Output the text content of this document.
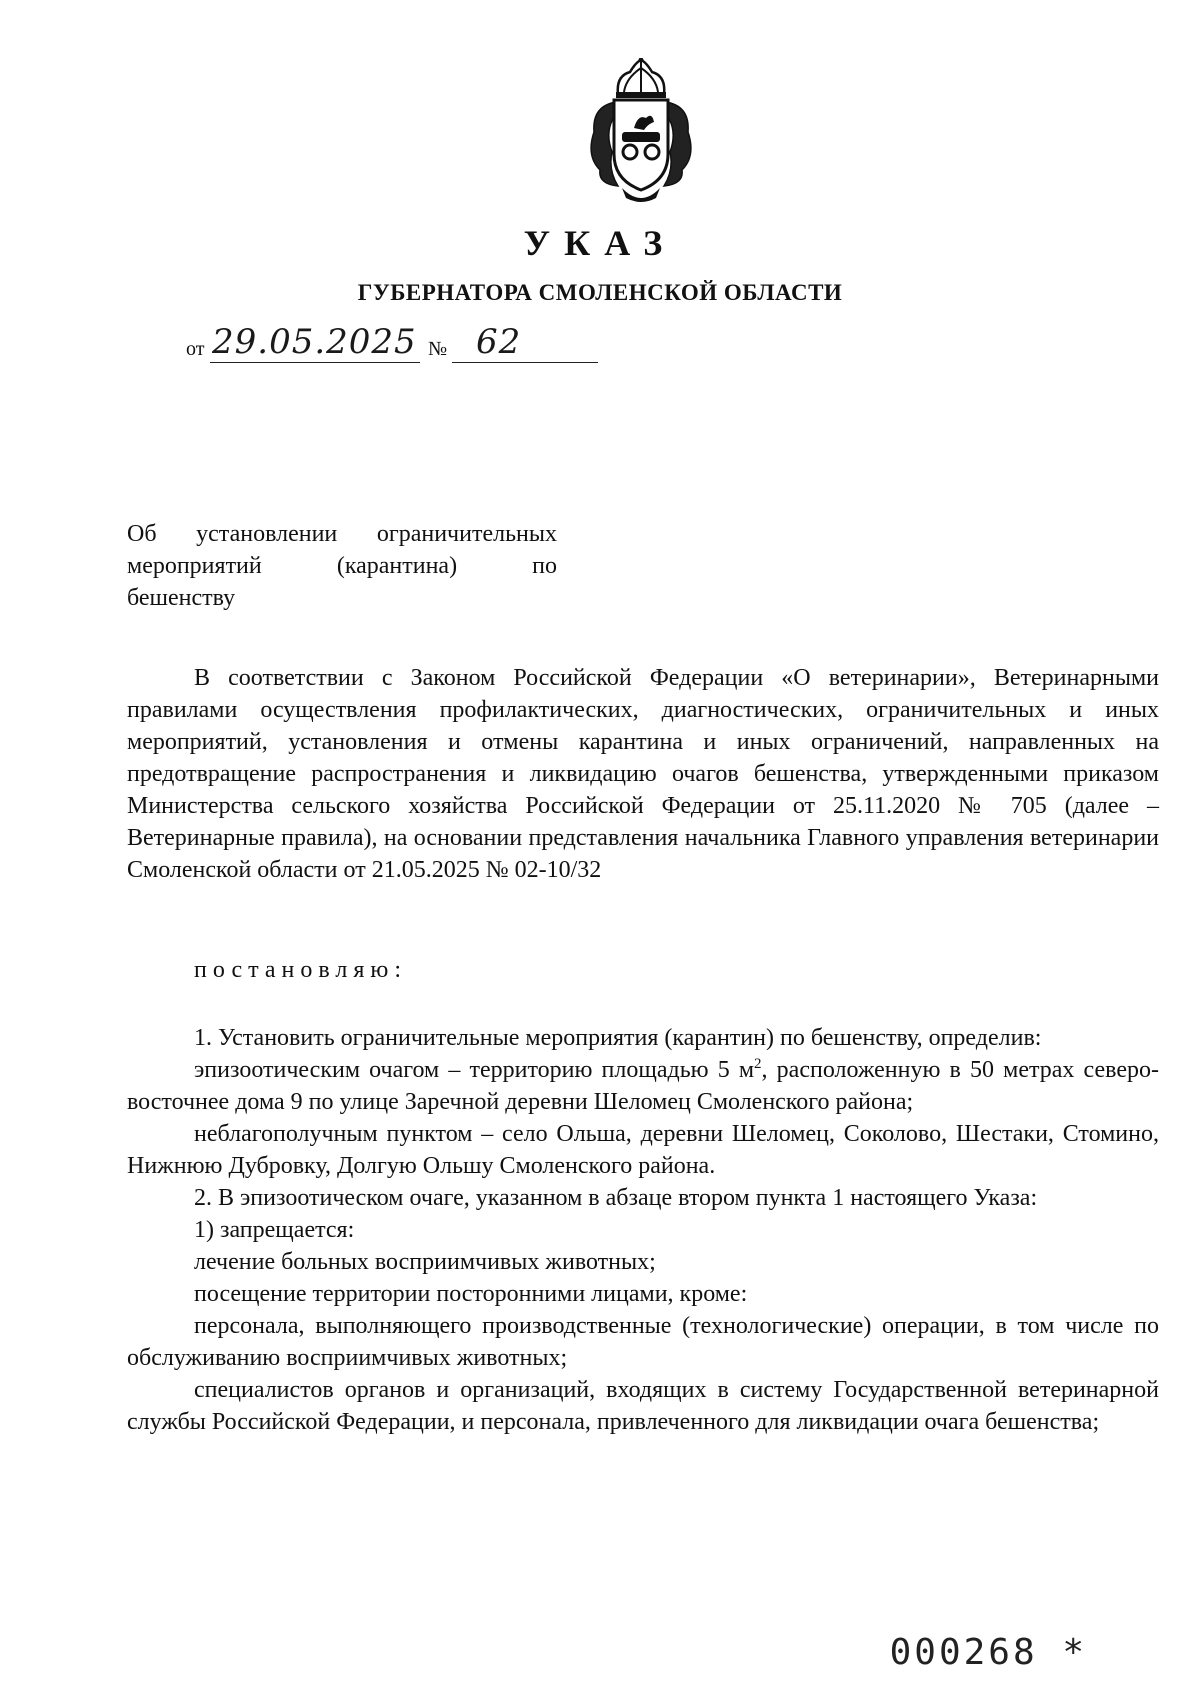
УКАЗ
ГУБЕРНАТОРА СМОЛЕНСКОЙ ОБЛАСТИ
от 29.05.2025 № 62
Об установлении ограничительных
мероприятий (карантина) по
бешенству

В соответствии с Законом Российской Федерации «О ветеринарии», Ветеринарными правилами осуществления профилактических, диагностических, ограничительных и иных мероприятий, установления и отмены карантина и иных ограничений, направленных на предотвращение распространения и ликвидацию очагов бешенства, утвержденными приказом Министерства сельского хозяйства Российской Федерации от 25.11.2020 № 705 (далее – Ветеринарные правила), на основании представления начальника Главного управления ветеринарии Смоленской области от 21.05.2025 № 02-10/32

постановляю:

1. Установить ограничительные мероприятия (карантин) по бешенству, определив:

эпизоотическим очагом – территорию площадью 5 $м^2$, расположенную в 50 метрах северо-восточнее дома 9 по улице Заречной деревни Шеломец Смоленского района;

неблагополучным пунктом – село Ольша, деревни Шеломец, Соколово, Шестаки, Стомино, Нижнюю Дубровку, Долгую Ольшу Смоленского района.

2. В эпизоотическом очаге, указанном в абзаце втором пункта 1 настоящего Указа:

1) запрещается:

лечение больных восприимчивых животных;

посещение территории посторонними лицами, кроме:

персонала, выполняющего производственные (технологические) операции, в том числе по обслуживанию восприимчивых животных;

специалистов органов и организаций, входящих в систему Государственной ветеринарной службы Российской Федерации, и персонала, привлеченного для ликвидации очага бешенства;

000268 *
